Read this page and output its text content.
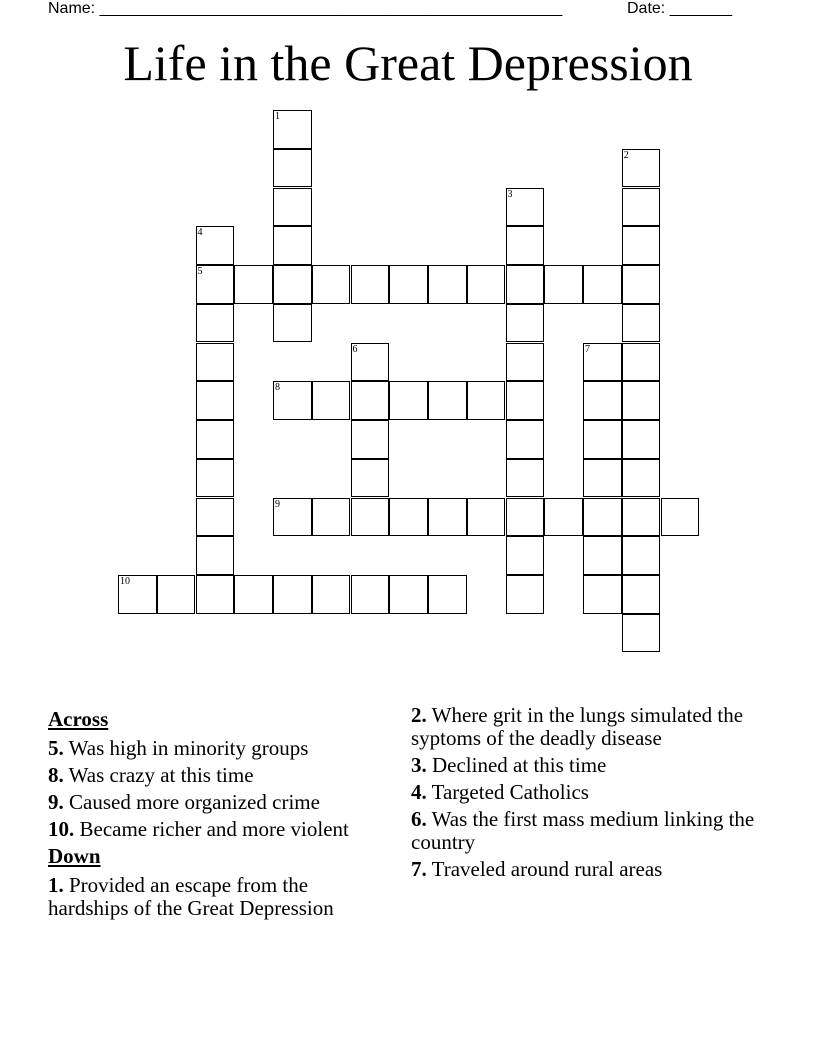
Name: ____________________________________________________	Date: _______
Life in the Great Depression
1
2
3
4
5
6	7
8
9
10
Across
5. Was high in minority groups
8. Was crazy at this time
9. Caused more organized crime
10. Became richer and more violent
Down
1. Provided an escape from the hardships of the Great Depression
2. Where grit in the lungs simulated the syptoms of the deadly disease
3. Declined at this time
4. Targeted Catholics
6. Was the first mass medium linking the country
7. Traveled around rural areas
